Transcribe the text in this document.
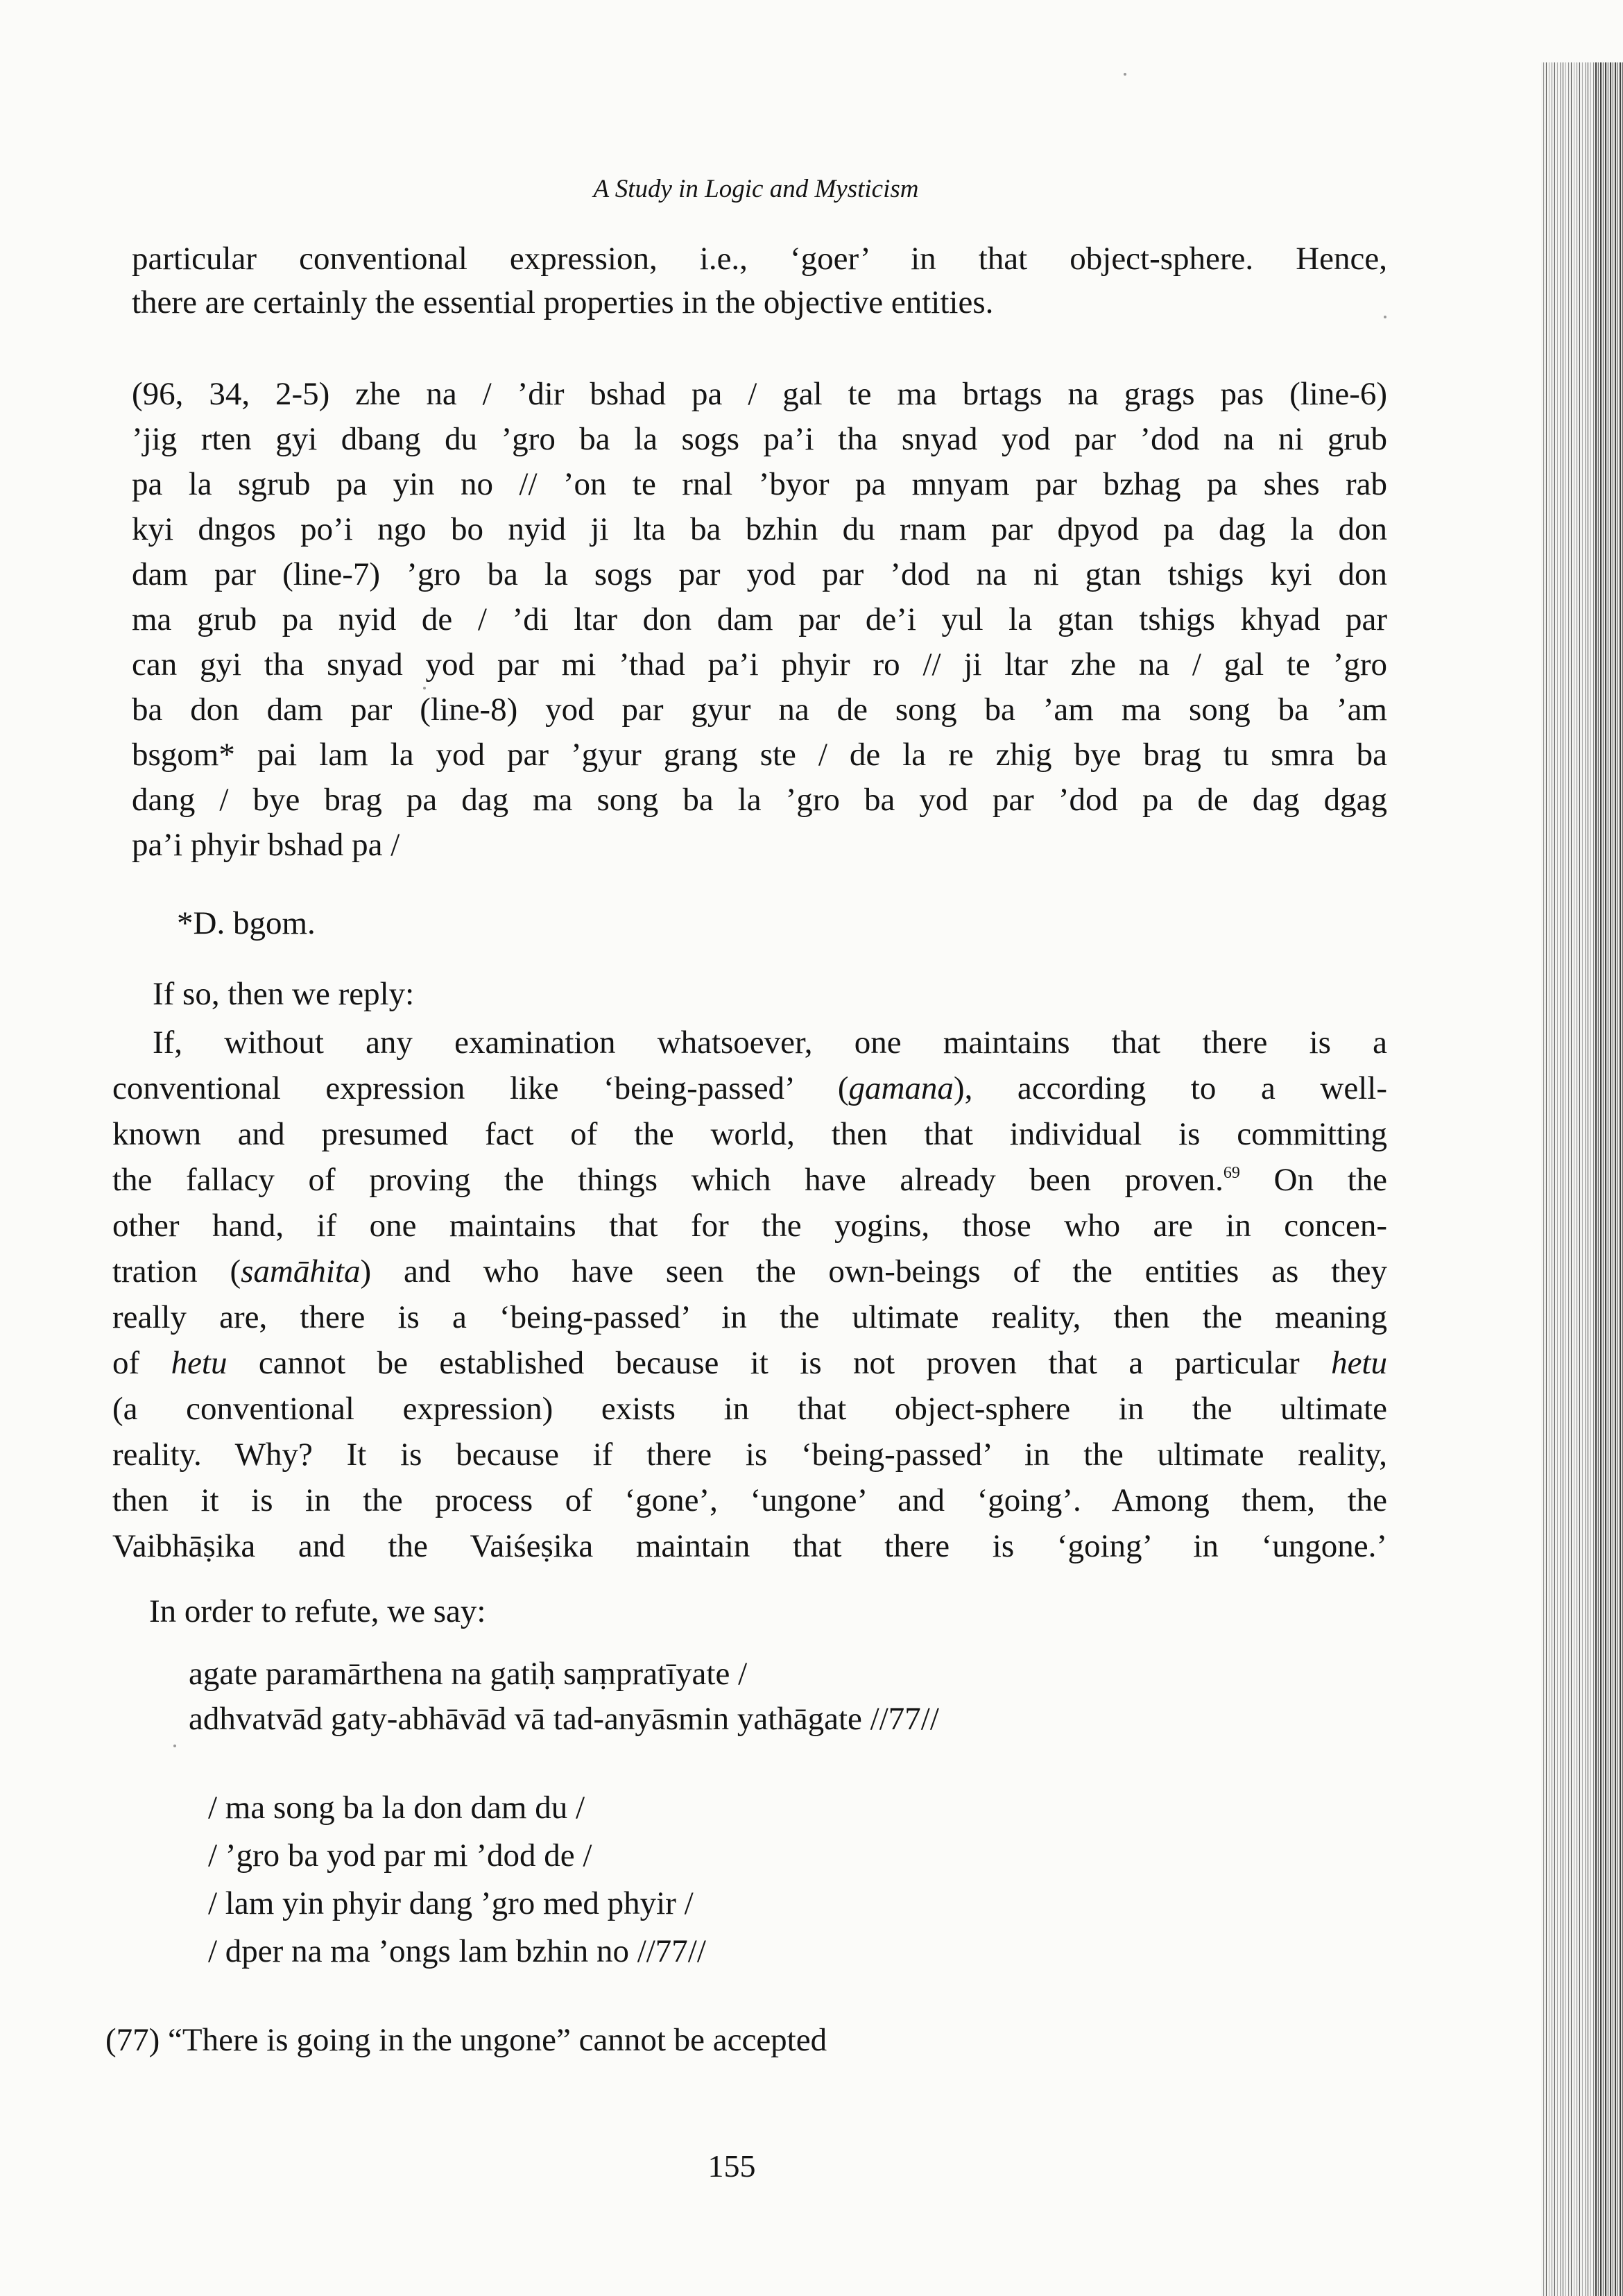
A Study in Logic and Mysticism
particular conventional expression, i.e., ‘goer’ in that object-sphere. Hence,
there are certainly the essential properties in the objective entities.
(96, 34, 2-5) zhe na / ’dir bshad pa / gal te ma brtags na grags pas (line-6)
’jig rten gyi dbang du ’gro ba la sogs pa’i tha snyad yod par ’dod na ni grub
pa la sgrub pa yin no // ’on te rnal ’byor pa mnyam par bzhag pa shes rab
kyi dngos po’i ngo bo nyid ji lta ba bzhin du rnam par dpyod pa dag la don
dam par (line-7) ’gro ba la sogs par yod par ’dod na ni gtan tshigs kyi don
ma grub pa nyid de / ’di ltar don dam par de’i yul la gtan tshigs khyad par
can gyi tha snyad yod par mi ’thad pa’i phyir ro // ji ltar zhe na / gal te ’gro
ba don dam par (line-8) yod par gyur na de song ba ’am ma song ba ’am
bsgom* pai lam la yod par ’gyur grang ste / de la re zhig bye brag tu smra ba
dang / bye brag pa dag ma song ba la ’gro ba yod par ’dod pa de dag dgag
pa’i phyir bshad pa /
*D. bgom.
If so, then we reply:
If, without any examination whatsoever, one maintains that there is a
conventional expression like ‘being-passed’ (gamana), according to a well-
known and presumed fact of the world, then that individual is committing
the fallacy of proving the things which have already been proven.$^{69}$ On the
other hand, if one maintains that for the yogins, those who are in concen-
tration (samāhita) and who have seen the own-beings of the entities as they
really are, there is a ‘being-passed’ in the ultimate reality, then the meaning
of hetu cannot be established because it is not proven that a particular hetu
(a conventional expression) exists in that object-sphere in the ultimate
reality. Why? It is because if there is ‘being-passed’ in the ultimate reality,
then it is in the process of ‘gone’, ‘ungone’ and ‘going’. Among them, the
Vaibhāṣika and the Vaiśeṣika maintain that there is ‘going’ in ‘ungone.’
In order to refute, we say:
agate paramārthena na gatiḥ saṃpratīyate /
adhvatvād gaty-abhāvād vā tad-anyāsmin yathāgate //77//
/ ma song ba la don dam du /
/ ’gro ba yod par mi ’dod de /
/ lam yin phyir dang ’gro med phyir /
/ dper na ma ’ongs lam bzhin no //77//
(77) “There is going in the ungone” cannot be accepted
155
